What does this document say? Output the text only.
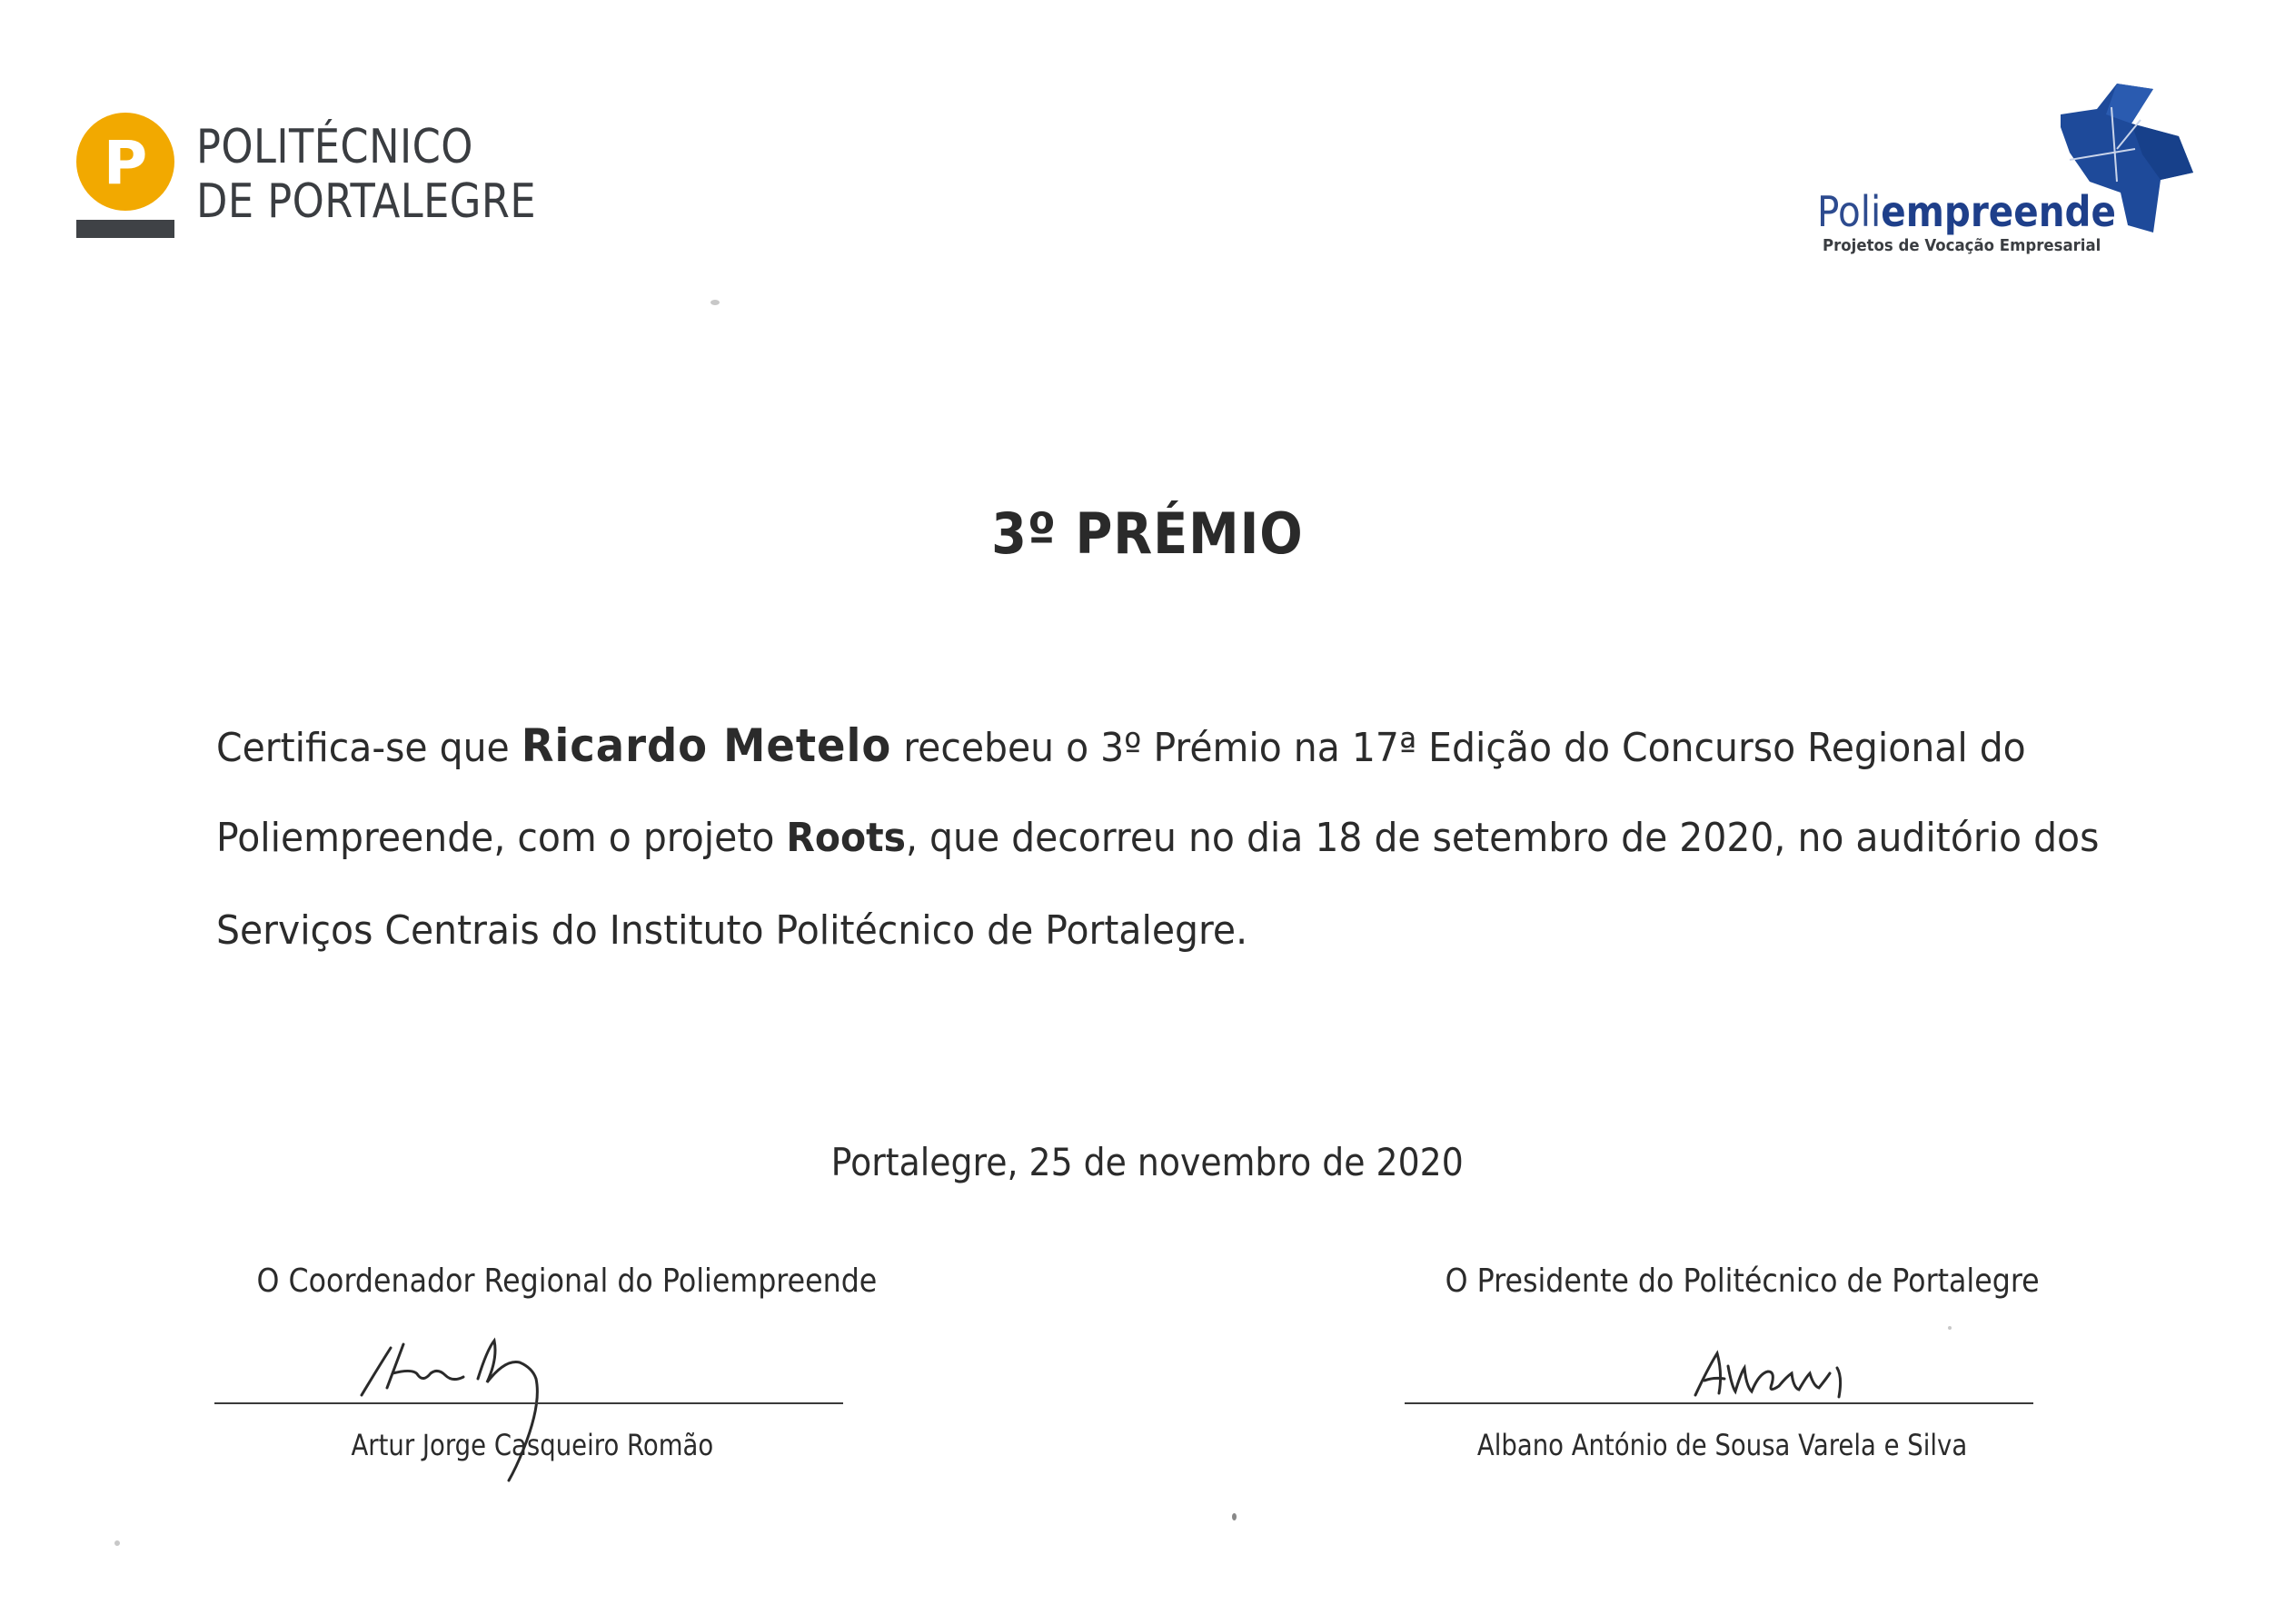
P POLITÉCNICO
DE PORTALEGRE	Poliempreende
Projetos de Vocação Empresarial
3º PRÉMIO
Certifica-se que Ricardo Metelo recebeu o 3º Prémio na 17ª Edição do Concurso Regional do
Poliempreende, com o projeto Roots, que decorreu no dia 18 de setembro de 2020, no auditório dos
Serviços Centrais do Instituto Politécnico de Portalegre.
Portalegre, 25 de novembro de 2020
O Coordenador Regional do Poliempreende
Artur Jorge Casqueiro Romão
O Presidente do Politécnico de Portalegre
Albano António de Sousa Varela e Silva
